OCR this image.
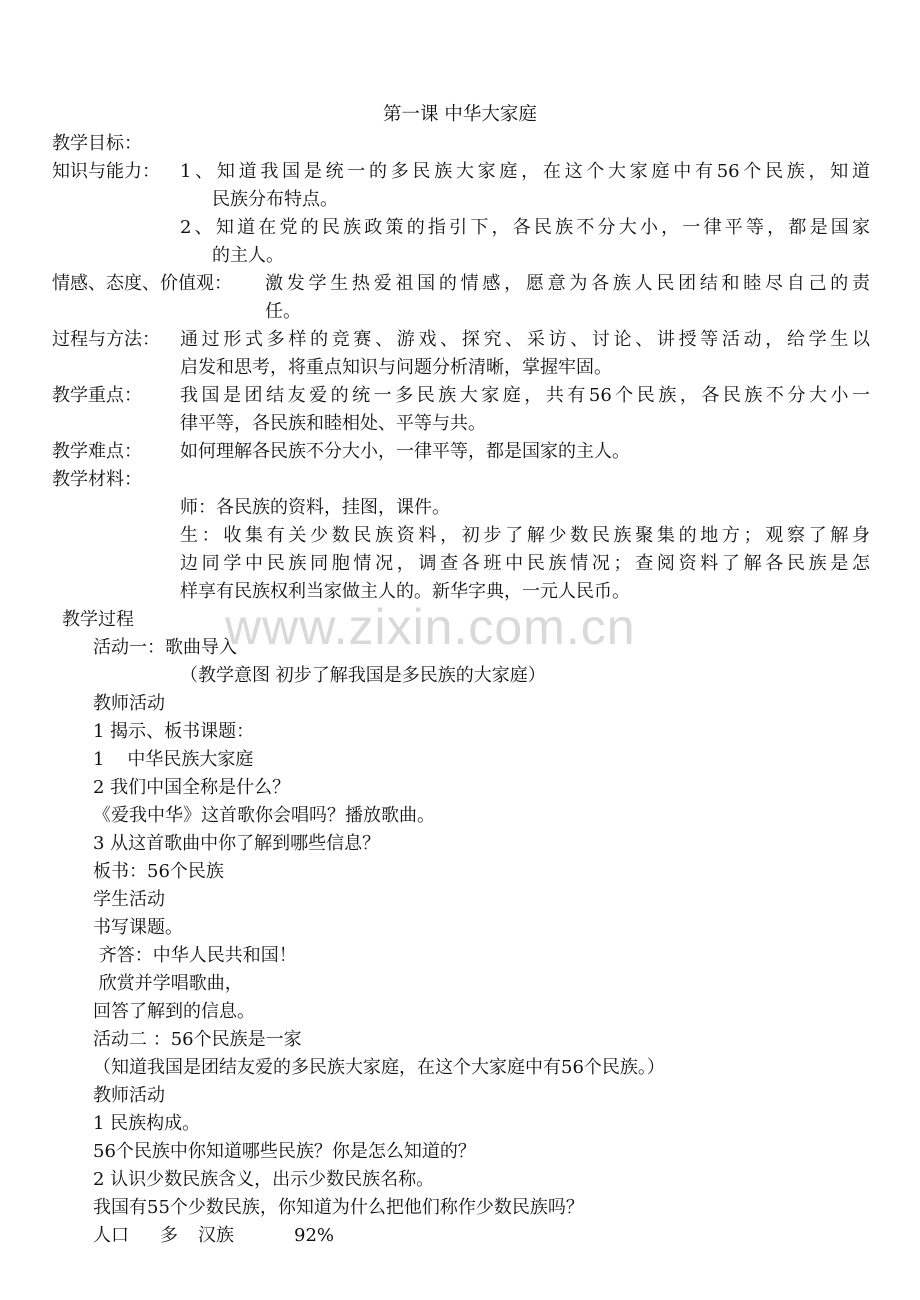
www.zixin.com.cn
第一课 中华大家庭
教学目标：
知识与能力： 1、知道我国是统一的多民族大家庭，在这个大家庭中有56个民族，知道
民族分布特点。
2、知道在党的民族政策的指引下，各民族不分大小，一律平等，都是国家
的主人。
情感、态度、价值观： 激发学生热爱祖国的情感，愿意为各族人民团结和睦尽自己的责
任。
过程与方法： 通过形式多样的竞赛、游戏、探究、采访、讨论、讲授等活动，给学生以
启发和思考，将重点知识与问题分析清晰，掌握牢固。
教学重点： 我国是团结友爱的统一多民族大家庭，共有56个民族，各民族不分大小一
律平等，各民族和睦相处、平等与共。
教学难点： 如何理解各民族不分大小，一律平等，都是国家的主人。
教学材料：
师：各民族的资料，挂图，课件。
生：收集有关少数民族资料，初步了解少数民族聚集的地方；观察了解身
边同学中民族同胞情况，调查各班中民族情况；查阅资料了解各民族是怎
样享有民族权利当家做主人的。新华字典，一元人民币。
教学过程
活动一：歌曲导入
（教学意图 初步了解我国是多民族的大家庭）
教师活动
1 揭示、板书课题：
1    中华民族大家庭
2 我们中国全称是什么？
《爱我中华》这首歌你会唱吗？播放歌曲。
3 从这首歌曲中你了解到哪些信息？
板书：56个民族
学生活动
书写课题。
齐答：中华人民共和国！
欣赏并学唱歌曲，
回答了解到的信息。
活动二 ：56个民族是一家
（知道我国是团结友爱的多民族大家庭，在这个大家庭中有56个民族。）
教师活动
1 民族构成。
56个民族中你知道哪些民族？你是怎么知道的？
2 认识少数民族含义，出示少数民族名称。
我国有55个少数民族，你知道为什么把他们称作少数民族吗？
人口 多 汉族	92%
